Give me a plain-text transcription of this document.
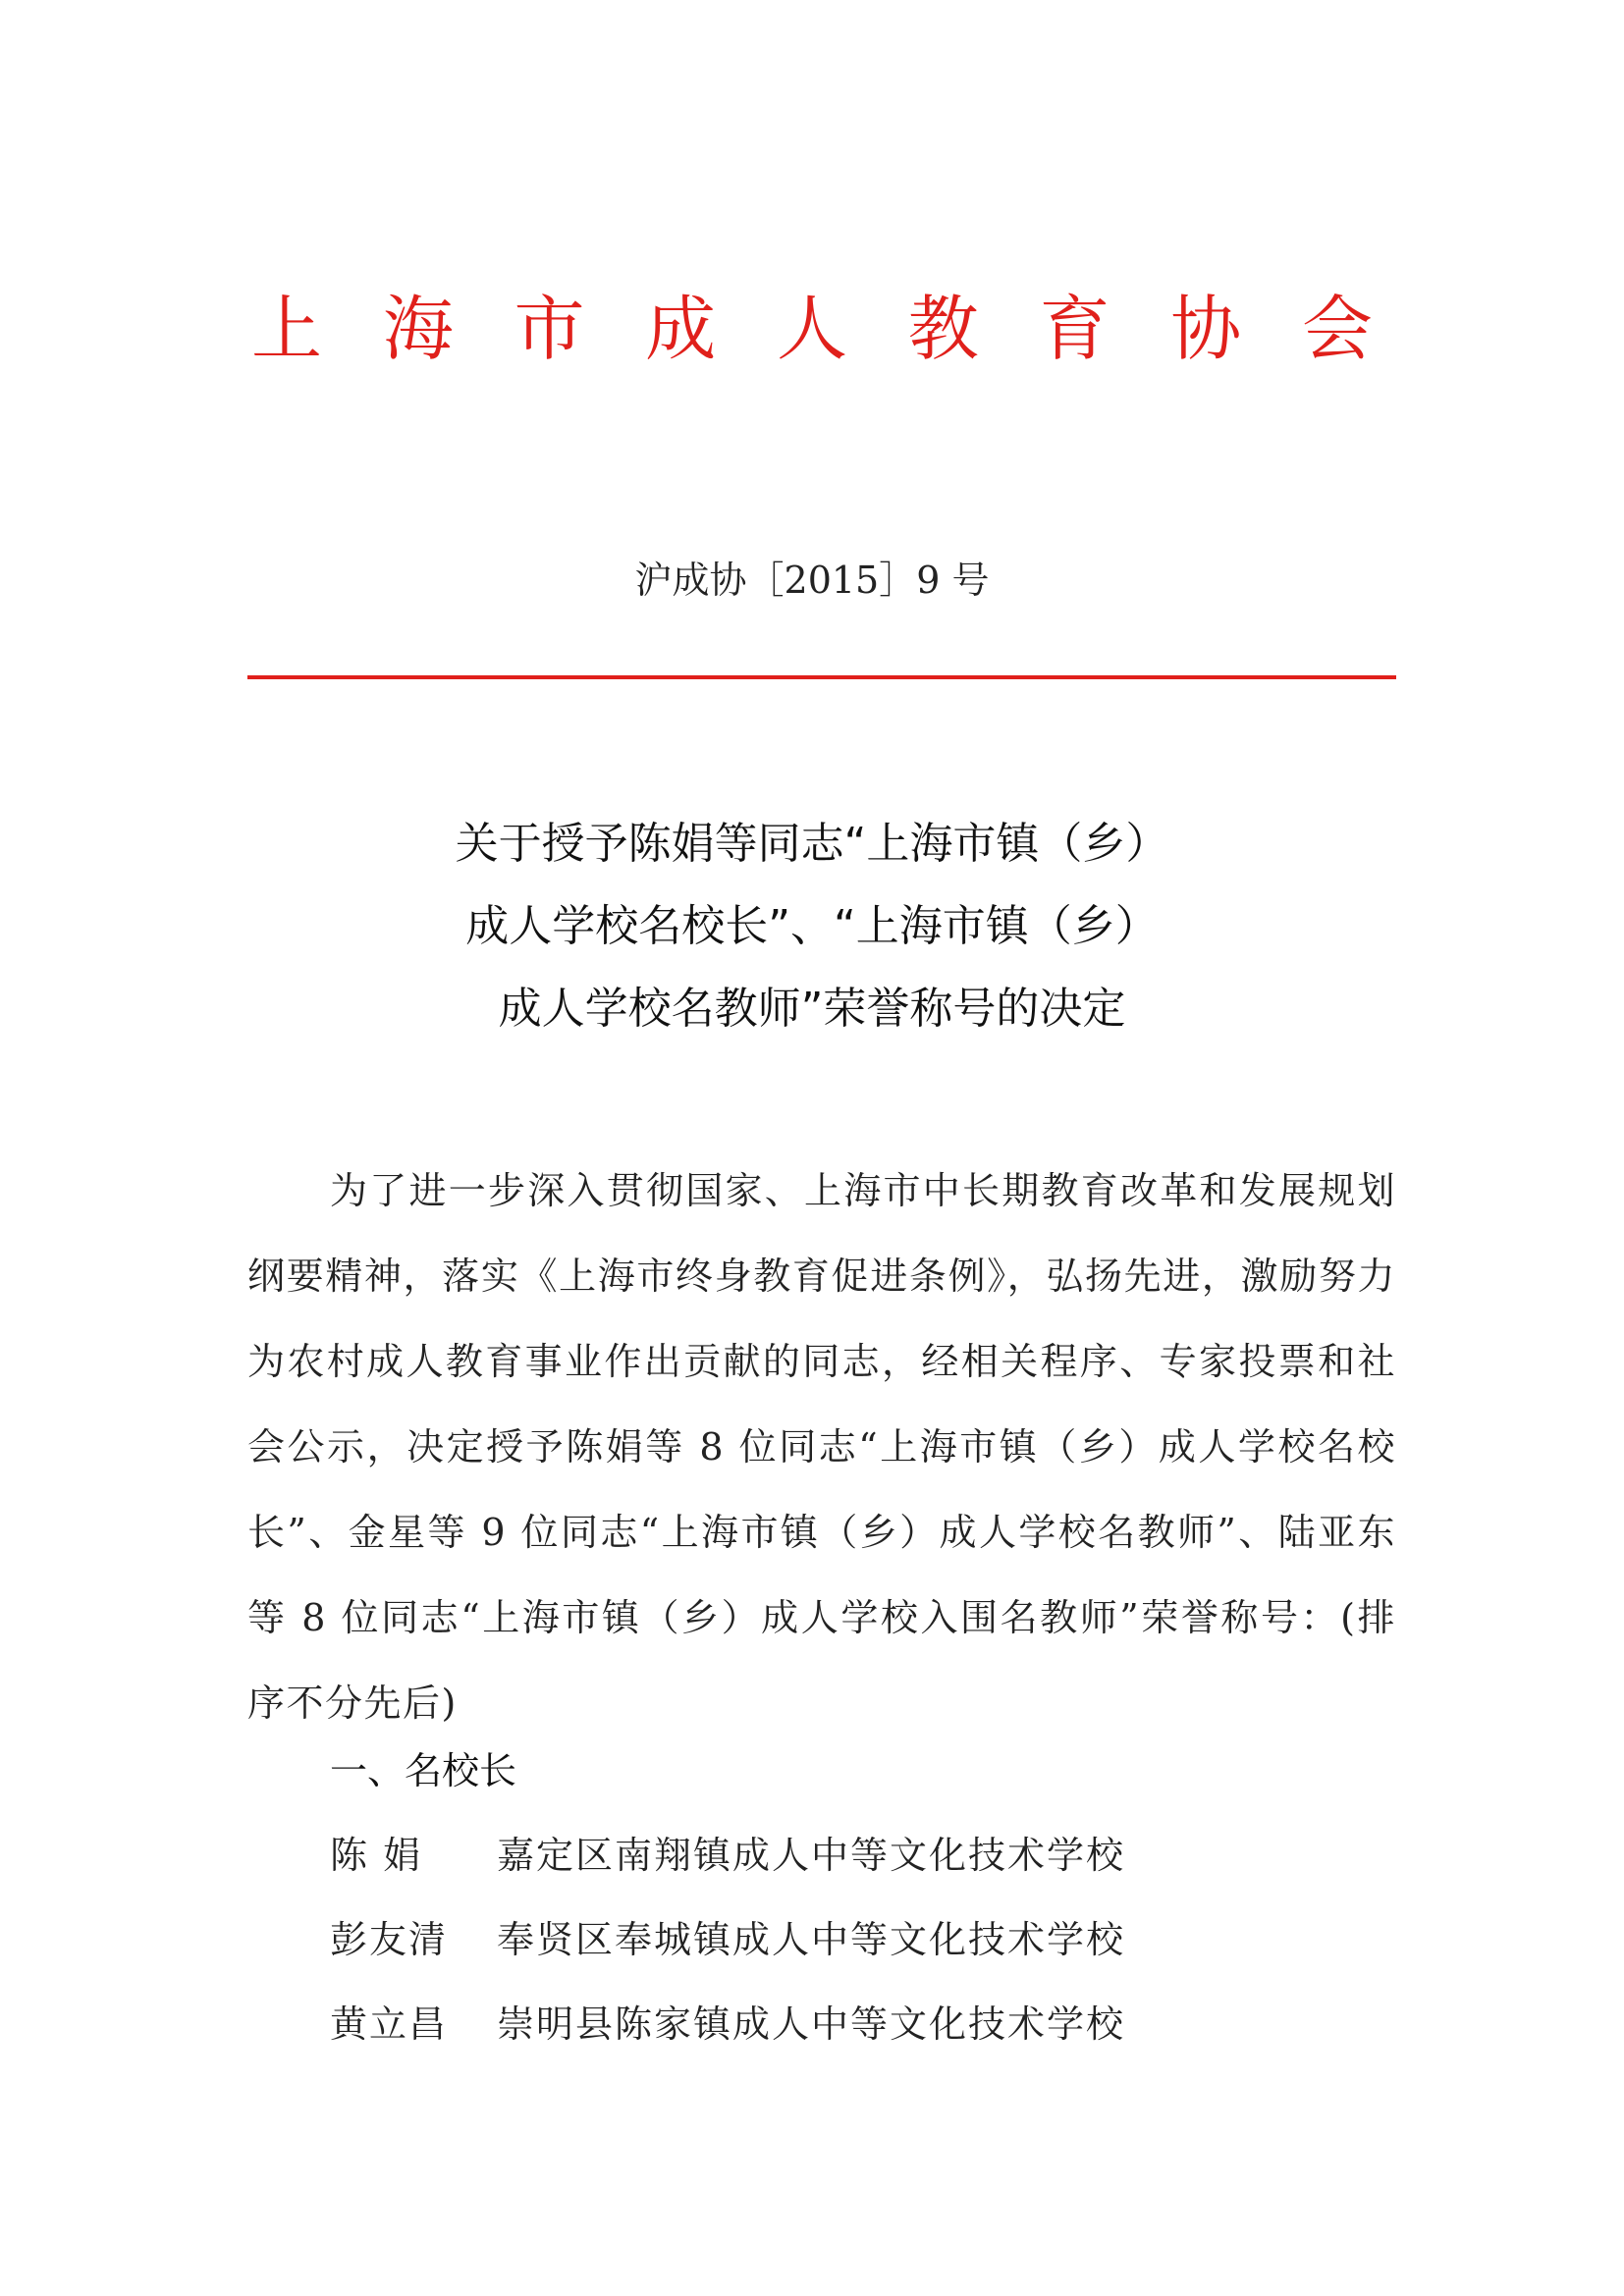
上 海 市 成 人 教 育 协 会
沪成协［2015］9 号
关于授予陈娟等同志“上海市镇（乡）
成人学校名校长”、“上海市镇（乡）
成人学校名教师”荣誉称号的决定
为了进一步深入贯彻国家、上海市中长期教育改革和发展规划纲要精神，落实《上海市终身教育促进条例》，弘扬先进，激励努力为农村成人教育事业作出贡献的同志，经相关程序、专家投票和社会公示，决定授予陈娟等 8 位同志“上海市镇（乡）成人学校名校长”、金星等 9 位同志“上海市镇（乡）成人学校名教师”、陆亚东等 8 位同志“上海市镇（乡）成人学校入围名教师”荣誉称号：(排序不分先后)
一、名校长
陈 娟 嘉定区南翔镇成人中等文化技术学校
彭友清 奉贤区奉城镇成人中等文化技术学校
黄立昌 崇明县陈家镇成人中等文化技术学校
